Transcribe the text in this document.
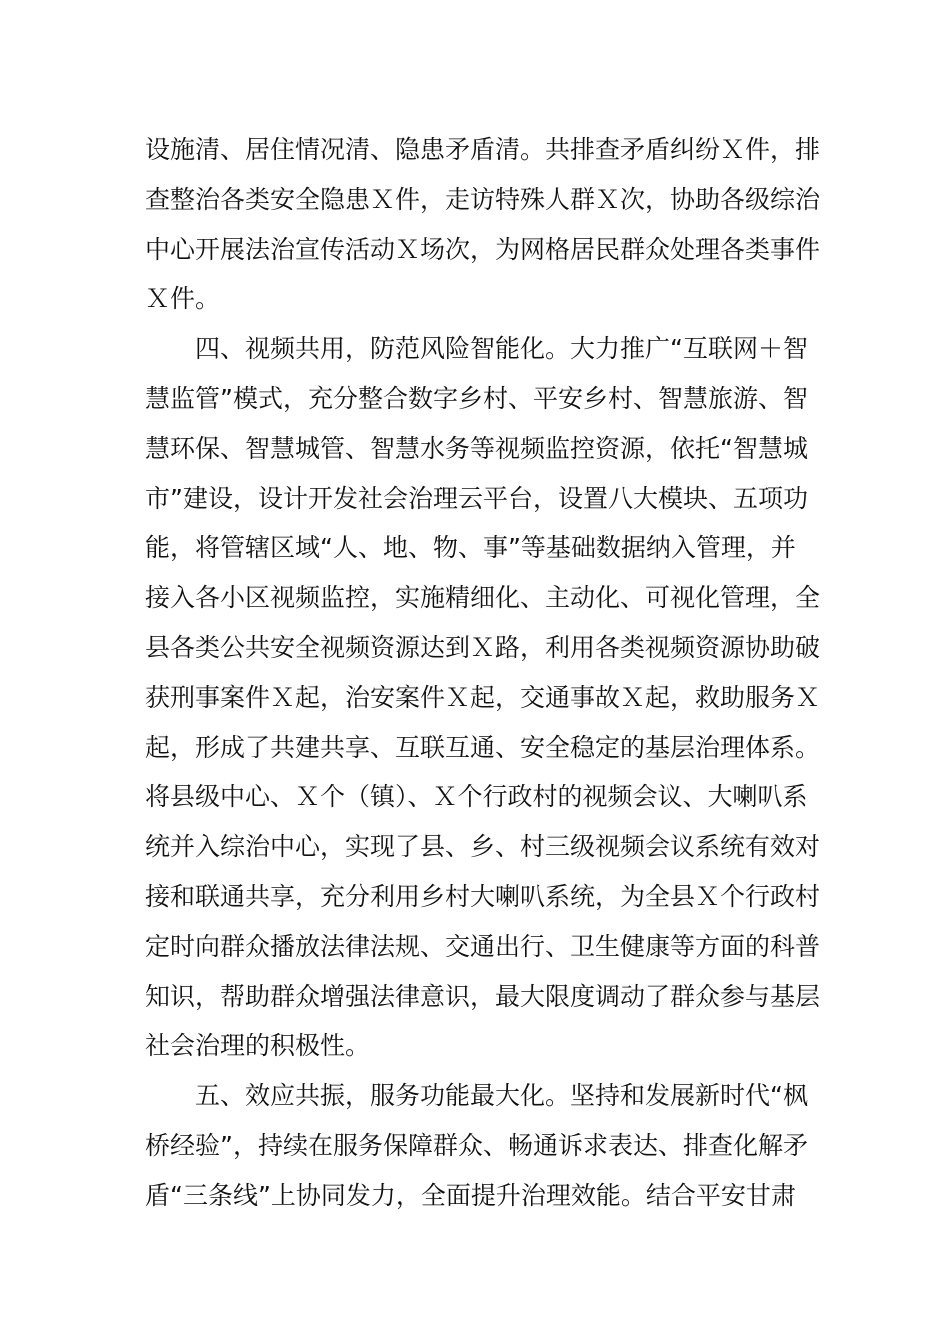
设施清、居住情况清、隐患矛盾清。共排查矛盾纠纷Ｘ件，排
查整治各类安全隐患Ｘ件，走访特殊人群Ｘ次，协助各级综治
中心开展法治宣传活动Ｘ场次，为网格居民群众处理各类事件
Ｘ件。

四、视频共用，防范风险智能化。大力推广“互联网＋智
慧监管”模式，充分整合数字乡村、平安乡村、智慧旅游、智
慧环保、智慧城管、智慧水务等视频监控资源，依托“智慧城
市”建设，设计开发社会治理云平台，设置八大模块、五项功
能，将管辖区域“人、地、物、事”等基础数据纳入管理，并
接入各小区视频监控，实施精细化、主动化、可视化管理，全
县各类公共安全视频资源达到Ｘ路，利用各类视频资源协助破
获刑事案件Ｘ起，治安案件Ｘ起，交通事故Ｘ起，救助服务Ｘ
起，形成了共建共享、互联互通、安全稳定的基层治理体系。
将县级中心、Ｘ个（镇）、Ｘ个行政村的视频会议、大喇叭系
统并入综治中心，实现了县、乡、村三级视频会议系统有效对
接和联通共享，充分利用乡村大喇叭系统，为全县Ｘ个行政村
定时向群众播放法律法规、交通出行、卫生健康等方面的科普
知识，帮助群众增强法律意识，最大限度调动了群众参与基层
社会治理的积极性。

五、效应共振，服务功能最大化。坚持和发展新时代“枫
桥经验”，持续在服务保障群众、畅通诉求表达、排查化解矛
盾“三条线”上协同发力，全面提升治理效能。结合平安甘肃
